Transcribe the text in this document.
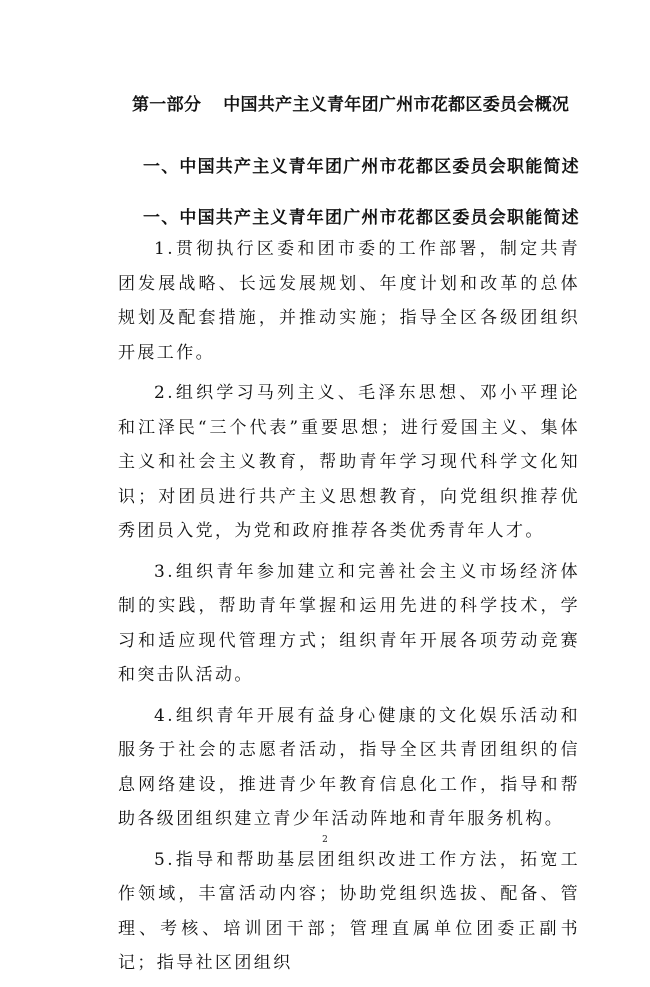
第一部分 中国共产主义青年团广州市花都区委员会概况
一、中国共产主义青年团广州市花都区委员会职能简述
一、中国共产主义青年团广州市花都区委员会职能简述

1.贯彻执行区委和团市委的工作部署，制定共青团发展战略、长远发展规划、年度计划和改革的总体规划及配套措施，并推动实施；指导全区各级团组织开展工作。

2.组织学习马列主义、毛泽东思想、邓小平理论和江泽民“三个代表”重要思想；进行爱国主义、集体主义和社会主义教育，帮助青年学习现代科学文化知识；对团员进行共产主义思想教育，向党组织推荐优秀团员入党，为党和政府推荐各类优秀青年人才。

3.组织青年参加建立和完善社会主义市场经济体制的实践，帮助青年掌握和运用先进的科学技术，学习和适应现代管理方式；组织青年开展各项劳动竞赛和突击队活动。

4.组织青年开展有益身心健康的文化娱乐活动和服务于社会的志愿者活动，指导全区共青团组织的信息网络建设，推进青少年教育信息化工作，指导和帮助各级团组织建立青少年活动阵地和青年服务机构。

5.指导和帮助基层团组织改进工作方法，拓宽工作领域，丰富活动内容；协助党组织选拔、配备、管理、考核、培训团干部；管理直属单位团委正副书记；指导社区团组织

2
